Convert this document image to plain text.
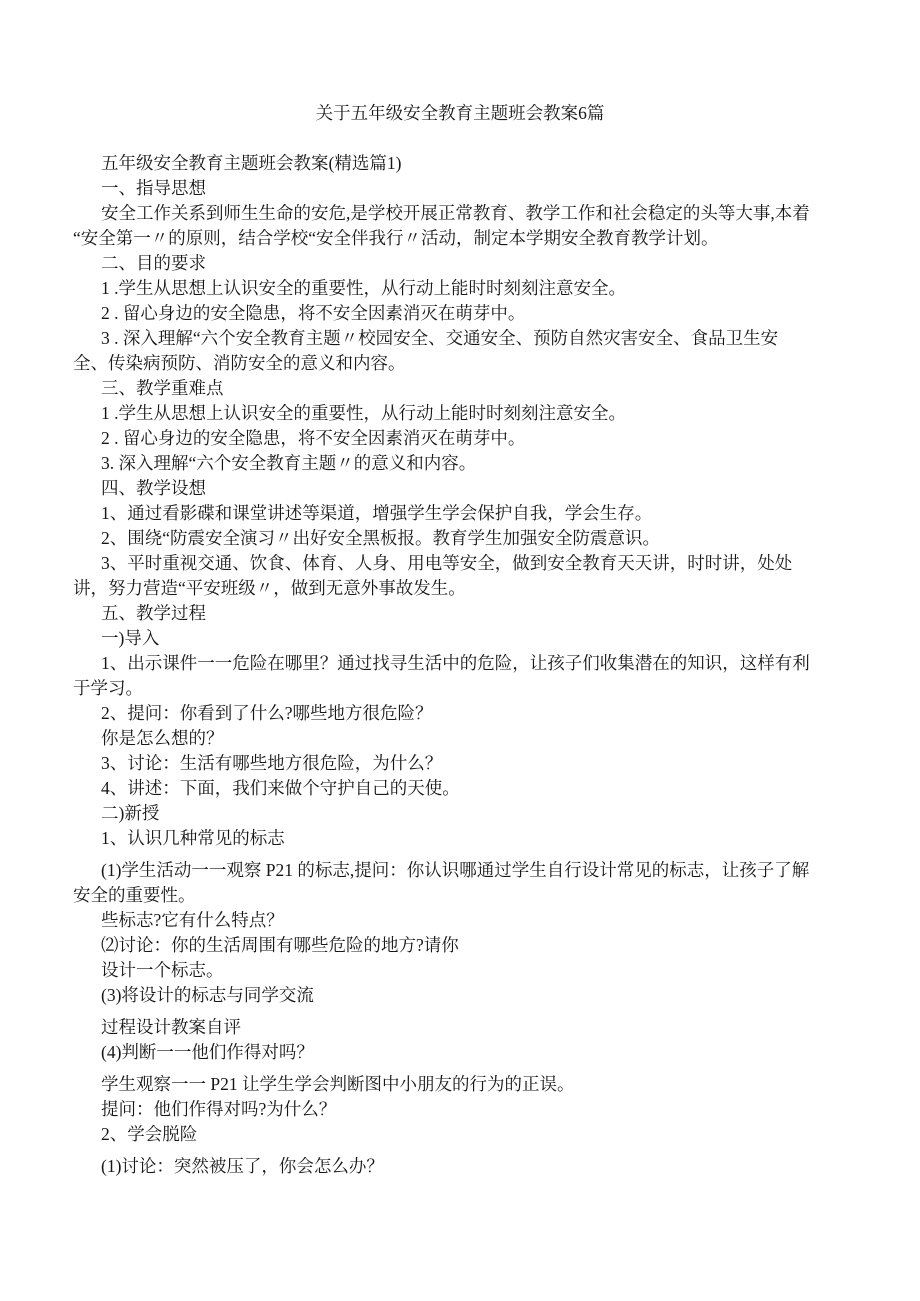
关于五年级安全教育主题班会教案6篇

五年级安全教育主题班会教案(精选篇1)

一、指导思想

安全工作关系到师生生命的安危,是学校开展正常教育、教学工作和社会稳定的头等大事,本着

“安全第一〃的原则，结合学校“安全伴我行〃活动，制定本学期安全教育教学计划。

二、目的要求

1 .学生从思想上认识安全的重要性，从行动上能时时刻刻注意安全。

2 . 留心身边的安全隐患，将不安全因素消灭在萌芽中。

3 . 深入理解“六个安全教育主题〃校园安全、交通安全、预防自然灾害安全、食品卫生安

全、传染病预防、消防安全的意义和内容。

三、教学重难点

1 .学生从思想上认识安全的重要性，从行动上能时时刻刻注意安全。

2 . 留心身边的安全隐患，将不安全因素消灭在萌芽中。

3. 深入理解“六个安全教育主题〃的意义和内容。

四、教学设想

1、通过看影碟和课堂讲述等渠道，增强学生学会保护自我，学会生存。

2、围绕“防震安全演习〃出好安全黑板报。教育学生加强安全防震意识。

3、平时重视交通、饮食、体育、人身、用电等安全，做到安全教育天天讲，时时讲，处处

讲，努力营造“平安班级〃，做到无意外事故发生。

五、教学过程

一)导入

1、出示课件一一危险在哪里？通过找寻生活中的危险，让孩子们收集潜在的知识，这样有利

于学习。

2、提问：你看到了什么?哪些地方很危险？

你是怎么想的？

3、讨论：生活有哪些地方很危险，为什么？

4、讲述：下面，我们来做个守护自己的天使。

二)新授

1、认识几种常见的标志

(1)学生活动一一观察 P21 的标志,提问：你认识哪通过学生自行设计常见的标志，让孩子了解

安全的重要性。

些标志?它有什么特点？

⑵讨论：你的生活周围有哪些危险的地方?请你

设计一个标志。

(3)将设计的标志与同学交流

过程设计教案自评

(4)判断一一他们作得对吗？

学生观察一一 P21 让学生学会判断图中小朋友的行为的正误。

提问：他们作得对吗?为什么？

2、学会脱险

(1)讨论：突然被压了，你会怎么办？
